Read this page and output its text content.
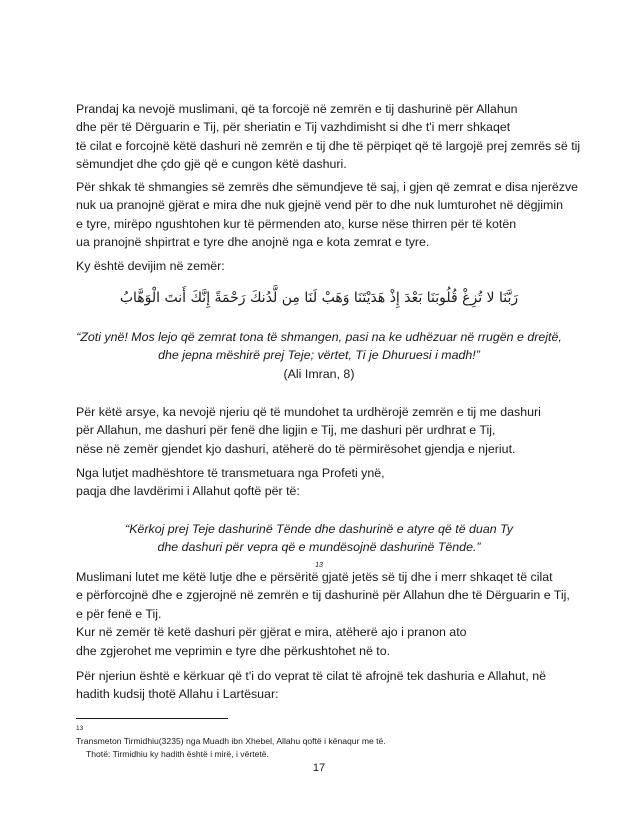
Prandaj ka nevojë muslimani, që ta forcojë në zemrën e tij dashurinë për Allahun
dhe për të Dërguarin e Tij, për sheriatin e Tij vazhdimisht si dhe t'i merr shkaqet
të cilat e forcojnë këtë dashuri në zemrën e tij dhe të përpiqet që të largojë prej zemrës së tij
sëmundjet dhe çdo gjë që e cungon këtë dashuri.

Për shkak të shmangies së zemrës dhe sëmundjeve të saj, i gjen që zemrat e disa njerëzve
nuk ua pranojnë gjërat e mira dhe nuk gjejnë vend për to dhe nuk lumturohet në dëgjimin
e tyre, mirëpo ngushtohen kur të përmenden ato, kurse nëse thirren për të kotën
ua pranojnë shpirtrat e tyre dhe anojnë nga e kota zemrat e tyre.

Ky është devijim në zemër:

رَبَّنَا لا تُزِغْ قُلُوبَنَا بَعْدَ إِذْ هَدَيْتَنَا وَهَبْ لَنَا مِن لَّدُنكَ رَحْمَةً إِنَّكَ أَنتَ الْوَهَّابُ

“Zoti ynë! Mos lejo që zemrat tona të shmangen, pasi na ke udhëzuar në rrugën e drejtë,
dhe jepna mëshirë prej Teje; vërtet, Ti je Dhuruesi i madh!”
(Ali Imran, 8)

Për këtë arsye, ka nevojë njeriu që të mundohet ta urdhërojë zemrën e tij me dashuri
për Allahun, me dashuri për fenë dhe ligjin e Tij, me dashuri për urdhrat e Tij,
nëse në zemër gjendet kjo dashuri, atëherë do të përmirësohet gjendja e njeriut.

Nga lutjet madhështore të transmetuara nga Profeti ynë,
paqja dhe lavdërimi i Allahut qoftë për të:

“Kërkoj prej Teje dashurinë Tënde dhe dashurinë e atyre që të duan Ty
dhe dashuri për vepra që e mundësojnë dashurinë Tënde.”
13

Muslimani lutet me këtë lutje dhe e përsëritë gjatë jetës së tij dhe i merr shkaqet të cilat
e përforcojnë dhe e zgjerojnë në zemrën e tij dashurinë për Allahun dhe të Dërguarin e Tij,
e për fenë e Tij.
Kur në zemër të ketë dashuri për gjërat e mira, atëherë ajo i pranon ato
dhe zgjerohet me veprimin e tyre dhe përkushtohet në to.

Për njeriun është e kërkuar që t'i do veprat të cilat të afrojnë tek dashuria e Allahut, në
hadith kudsij thotë Allahu i Lartësuar:

13
Transmeton Tirmidhiu(3235) nga Muadh ibn Xhebel, Allahu qoftë i kënaqur me të.
Thotë: Tirmidhiu ky hadith është i mirë, i vërtetë.
17
